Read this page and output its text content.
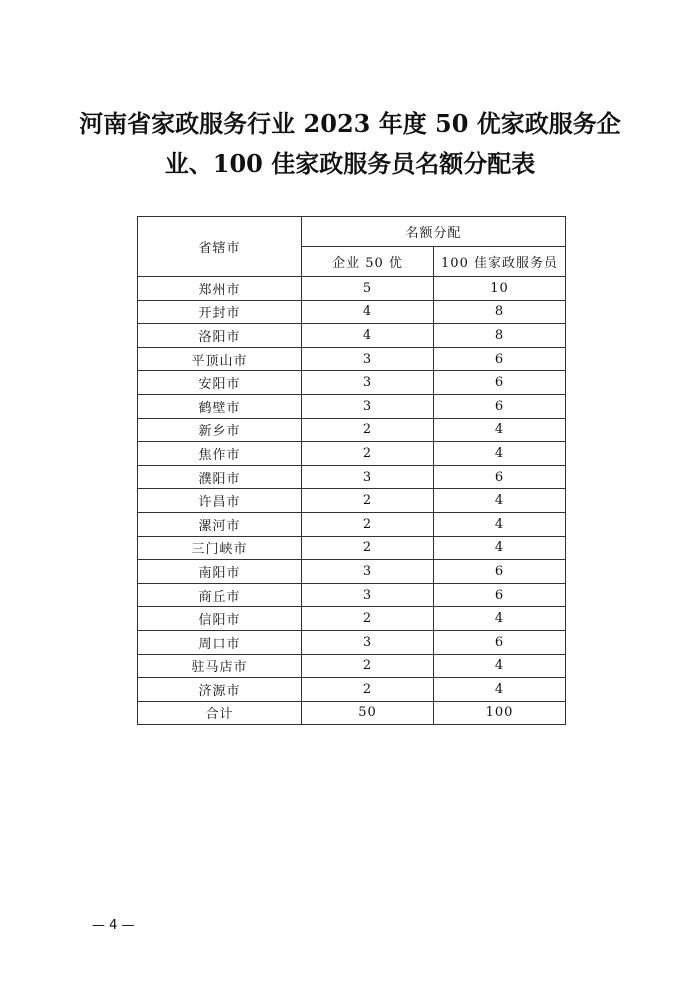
河南省家政服务行业 2023 年度 50 优家政服务企
业、100 佳家政服务员名额分配表
省辖市	名额分配	
	企业 50 优	100 佳家政服务员
郑州市	5	10
开封市	4	8
洛阳市	4	8
平顶山市	3	6
安阳市	3	6
鹤壁市	3	6
新乡市	2	4
焦作市	2	4
濮阳市	3	6
许昌市	2	4
漯河市	2	4
三门峡市	2	4
南阳市	3	6
商丘市	3	6
信阳市	2	4
周口市	3	6
驻马店市	2	4
济源市	2	4
合计	50	100
— 4 —
